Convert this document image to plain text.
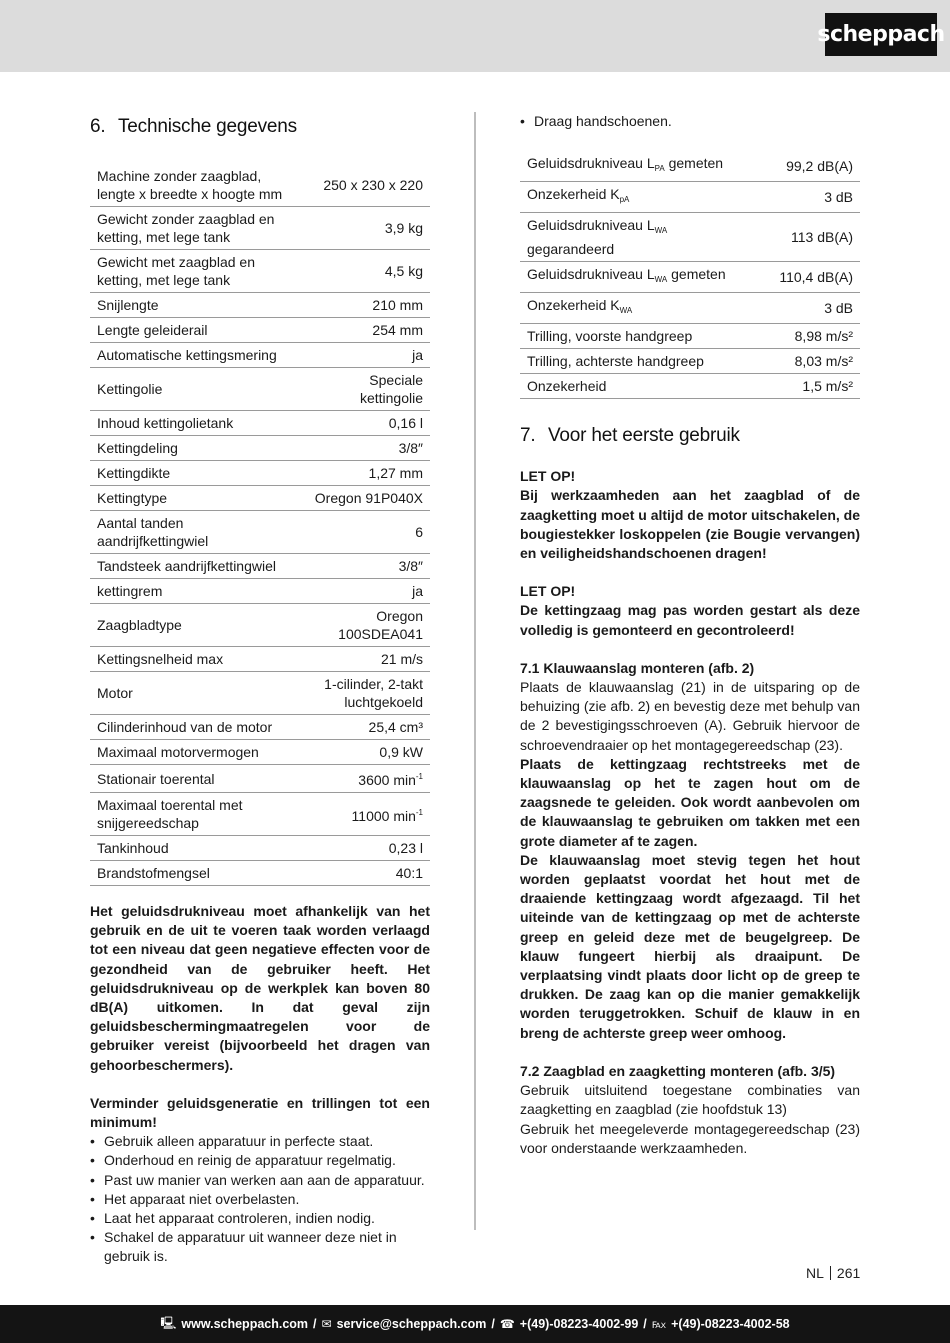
scheppach
6. Technische gegevens
Machine zonder zaagblad, lengte x breedte x hoogte mm	250 x 230 x 220
Gewicht zonder zaagblad en ketting, met lege tank	3,9 kg
Gewicht met zaagblad en ketting, met lege tank	4,5 kg
Snijlengte	210 mm
Lengte geleiderail	254 mm
Automatische kettingsmering	ja
Kettingolie	Speciale kettingolie
Inhoud kettingolietank	0,16 l
Kettingdeling	3/8″
Kettingdikte	1,27 mm
Kettingtype	Oregon 91P040X
Aantal tanden aandrijfkettingwiel	6
Tandsteek aandrijfkettingwiel	3/8″
kettingrem	ja
Zaagbladtype	Oregon 100SDEA041
Kettingsnelheid max	21 m/s
Motor	1-cilinder, 2-takt luchtgekoeld
Cilinderinhoud van de motor	25,4 cm³
Maximaal motorvermogen	0,9 kW
Stationair toerental	3600 $\min^{-1}$
Maximaal toerental met snijgereedschap	11000 $\min^{-1}$
Tankinhoud	0,23 l
Brandstofmengsel	40:1
Het geluidsdrukniveau moet afhankelijk van het gebruik en de uit te voeren taak worden verlaagd tot een niveau dat geen negatieve effecten voor de gezondheid van de gebruiker heeft. Het geluidsdrukniveau op de werkplek kan boven 80 dB(A) uitkomen. In dat geval zijn geluidsbeschermingmaatregelen voor de gebruiker vereist (bijvoorbeeld het dragen van gehoorbeschermers).
Verminder geluidsgeneratie en trillingen tot een minimum!
• Gebruik alleen apparatuur in perfecte staat.
• Onderhoud en reinig de apparatuur regelmatig.
• Past uw manier van werken aan aan de apparatuur.
• Het apparaat niet overbelasten.
• Laat het apparaat controleren, indien nodig.
• Schakel de apparatuur uit wanneer deze niet in gebruik is.
• Draag handschoenen.
Geluidsdrukniveau $L_{PA}$ gemeten	99,2 dB(A)
Onzekerheid $K_{pA}$	3 dB
Geluidsdrukniveau $L_{WA}$ gegarandeerd	113 dB(A)
Geluidsdrukniveau $L_{WA}$ gemeten	110,4 dB(A)
Onzekerheid $K_{WA}$	3 dB
Trilling, voorste handgreep	8,98 m/s²
Trilling, achterste handgreep	8,03 m/s²
Onzekerheid	1,5 m/s²
7. Voor het eerste gebruik
LET OP!
Bij werkzaamheden aan het zaagblad of de zaagketting moet u altijd de motor uitschakelen, de bougiestekker loskoppelen (zie Bougie vervangen) en veiligheidshandschoenen dragen!
LET OP!
De kettingzaag mag pas worden gestart als deze volledig is gemonteerd en gecontroleerd!
7.1 Klauwaanslag monteren (afb. 2)
Plaats de klauwaanslag (21) in de uitsparing op de behuizing (zie afb. 2) en bevestig deze met behulp van de 2 bevestigingsschroeven (A). Gebruik hiervoor de schroevendraaier op het montagegereedschap (23).
Plaats de kettingzaag rechtstreeks met de klauwaanslag op het te zagen hout om de zaagsnede te geleiden. Ook wordt aanbevolen om de klauwaanslag te gebruiken om takken met een grote diameter af te zagen.
De klauwaanslag moet stevig tegen het hout worden geplaatst voordat het hout met de draaiende kettingzaag wordt afgezaagd. Til het uiteinde van de kettingzaag op met de achterste greep en geleid deze met de beugelgreep. De klauw fungeert hierbij als draaipunt. De verplaatsing vindt plaats door licht op de greep te drukken. De zaag kan op die manier gemakkelijk worden teruggetrokken. Schuif de klauw in en breng de achterste greep weer omhoog.
7.2 Zaagblad en zaagketting monteren (afb. 3/5)
Gebruik uitsluitend toegestane combinaties van zaagketting en zaagblad (zie hoofdstuk 13)
Gebruik het meegeleverde montagegereedschap (23) voor onderstaande werkzaamheden.
NL 261
🖳 www.scheppach.com / ✉ service@scheppach.com / ☎ +(49)-08223-4002-99 / ℻ +(49)-08223-4002-58
